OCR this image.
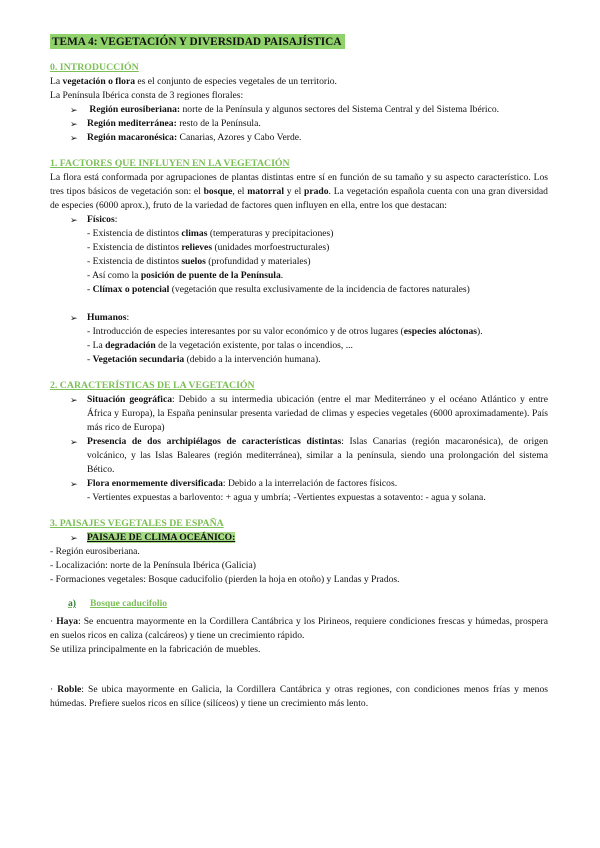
TEMA 4: VEGETACIÓN Y DIVERSIDAD PAISAJÍSTICA
0. INTRODUCCIÓN

La vegetación o flora es el conjunto de especies vegetales de un territorio.

La Península Ibérica consta de 3 regiones florales:

➢ Región eurosiberiana: norte de la Península y algunos sectores del Sistema Central y del Sistema Ibérico.
➢ Región mediterránea: resto de la Península.
➢ Región macaronésica: Canarias, Azores y Cabo Verde.
1. FACTORES QUE INFLUYEN EN LA VEGETACIÓN

La flora está conformada por agrupaciones de plantas distintas entre sí en función de su tamaño y su aspecto característico. Los tres tipos básicos de vegetación son: el bosque, el matorral y el prado. La vegetación española cuenta con una gran diversidad de especies (6000 aprox.), fruto de la variedad de factores quen influyen en ella, entre los que destacan:

➢ Físicos:
- Existencia de distintos climas (temperaturas y precipitaciones)
- Existencia de distintos relieves (unidades morfoestructurales)
- Existencia de distintos suelos (profundidad y materiales)
- Así como la posición de puente de la Península.
- Clímax o potencial (vegetación que resulta exclusivamente de la incidencia de factores naturales)
➢ Humanos:
- Introducción de especies interesantes por su valor económico y de otros lugares (especies alóctonas).
- La degradación de la vegetación existente, por talas o incendios, ...
- Vegetación secundaria (debido a la intervención humana).
2. CARACTERÍSTICAS DE LA VEGETACIÓN
➢ Situación geográfica: Debido a su intermedia ubicación (entre el mar Mediterráneo y el océano Atlántico y entre África y Europa), la España peninsular presenta variedad de climas y especies vegetales (6000 aproximadamente). País más rico de Europa)
➢ Presencia de dos archipiélagos de características distintas: Islas Canarias (región macaronésica), de origen volcánico, y las Islas Baleares (región mediterránea), similar a la península, siendo una prolongación del sistema Bético.
➢ Flora enormemente diversificada: Debido a la interrelación de factores físicos.
- Vertientes expuestas a barlovento: + agua y umbría; -Vertientes expuestas a sotavento: - agua y solana.
3. PAISAJES VEGETALES DE ESPAÑA
➢ PAISAJE DE CLIMA OCEÁNICO:
- Región eurosiberiana.
- Localización: norte de la Península Ibérica (Galicia)
- Formaciones vegetales: Bosque caducifolio (pierden la hoja en otoño) y Landas y Prados.
a) Bosque caducifolio

· Haya: Se encuentra mayormente en la Cordillera Cantábrica y los Pirineos, requiere condiciones frescas y húmedas, prospera en suelos ricos en caliza (calcáreos) y tiene un crecimiento rápido.

Se utiliza principalmente en la fabricación de muebles.

· Roble: Se ubica mayormente en Galicia, la Cordillera Cantábrica y otras regiones, con condiciones menos frías y menos húmedas. Prefiere suelos ricos en sílice (silíceos) y tiene un crecimiento más lento.
